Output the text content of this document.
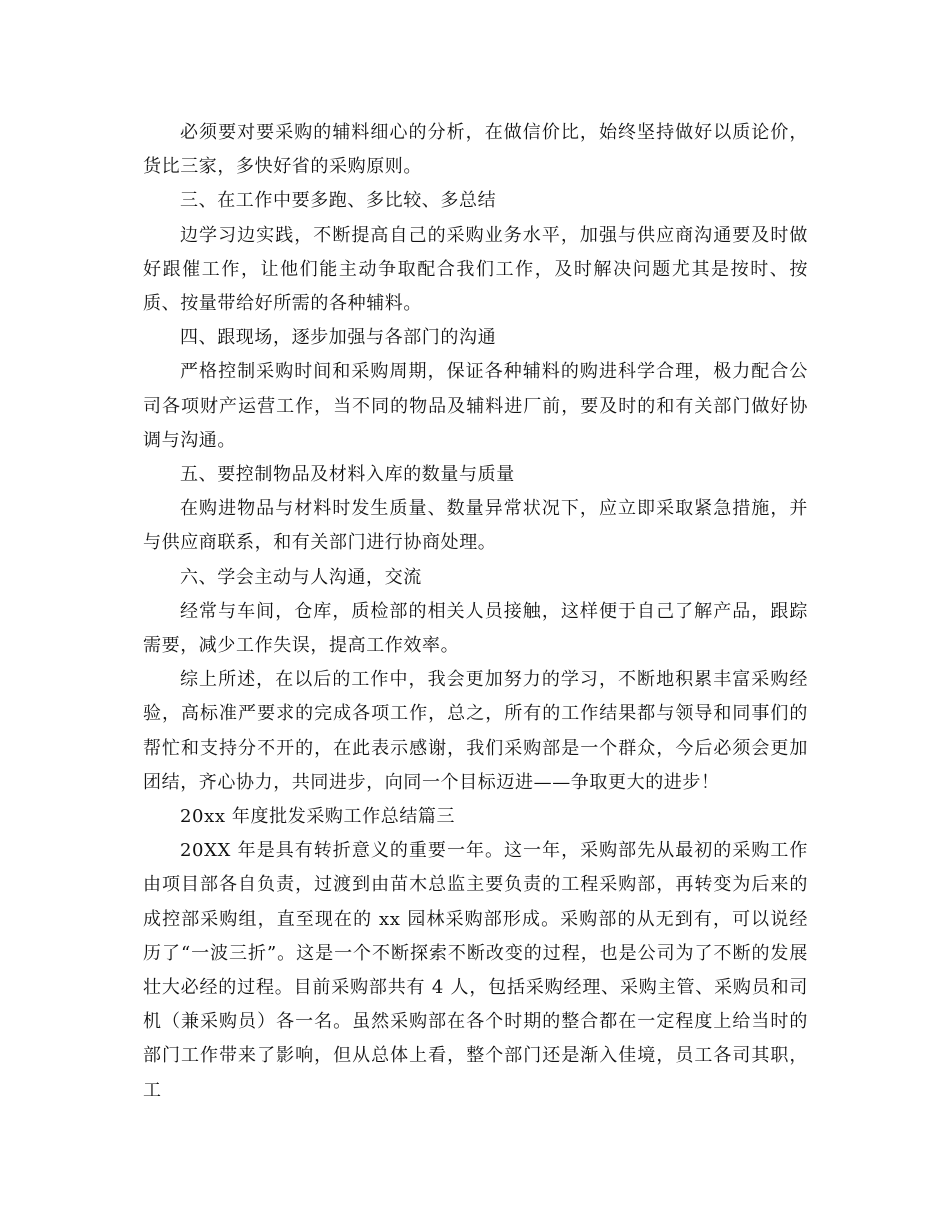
必须要对要采购的辅料细心的分析，在做信价比，始终坚持做好以质论价，货比三家，多快好省的采购原则。

三、在工作中要多跑、多比较、多总结

边学习边实践，不断提高自己的采购业务水平，加强与供应商沟通要及时做好跟催工作，让他们能主动争取配合我们工作，及时解决问题尤其是按时、按质、按量带给好所需的各种辅料。

四、跟现场，逐步加强与各部门的沟通

严格控制采购时间和采购周期，保证各种辅料的购进科学合理，极力配合公司各项财产运营工作，当不同的物品及辅料进厂前，要及时的和有关部门做好协调与沟通。

五、要控制物品及材料入库的数量与质量

在购进物品与材料时发生质量、数量异常状况下，应立即采取紧急措施，并与供应商联系，和有关部门进行协商处理。

六、学会主动与人沟通，交流

经常与车间，仓库，质检部的相关人员接触，这样便于自己了解产品，跟踪需要，减少工作失误，提高工作效率。

综上所述，在以后的工作中，我会更加努力的学习，不断地积累丰富采购经验，高标准严要求的完成各项工作，总之，所有的工作结果都与领导和同事们的帮忙和支持分不开的，在此表示感谢，我们采购部是一个群众，今后必须会更加团结，齐心协力，共同进步，向同一个目标迈进——争取更大的进步！

20xx 年度批发采购工作总结篇三

20XX 年是具有转折意义的重要一年。这一年，采购部先从最初的采购工作由项目部各自负责，过渡到由苗木总监主要负责的工程采购部，再转变为后来的成控部采购组，直至现在的 xx 园林采购部形成。采购部的从无到有，可以说经历了“一波三折”。这是一个不断探索不断改变的过程，也是公司为了不断的发展壮大必经的过程。目前采购部共有 4 人，包括采购经理、采购主管、采购员和司机（兼采购员）各一名。虽然采购部在各个时期的整合都在一定程度上给当时的部门工作带来了影响，但从总体上看，整个部门还是渐入佳境，员工各司其职，工
